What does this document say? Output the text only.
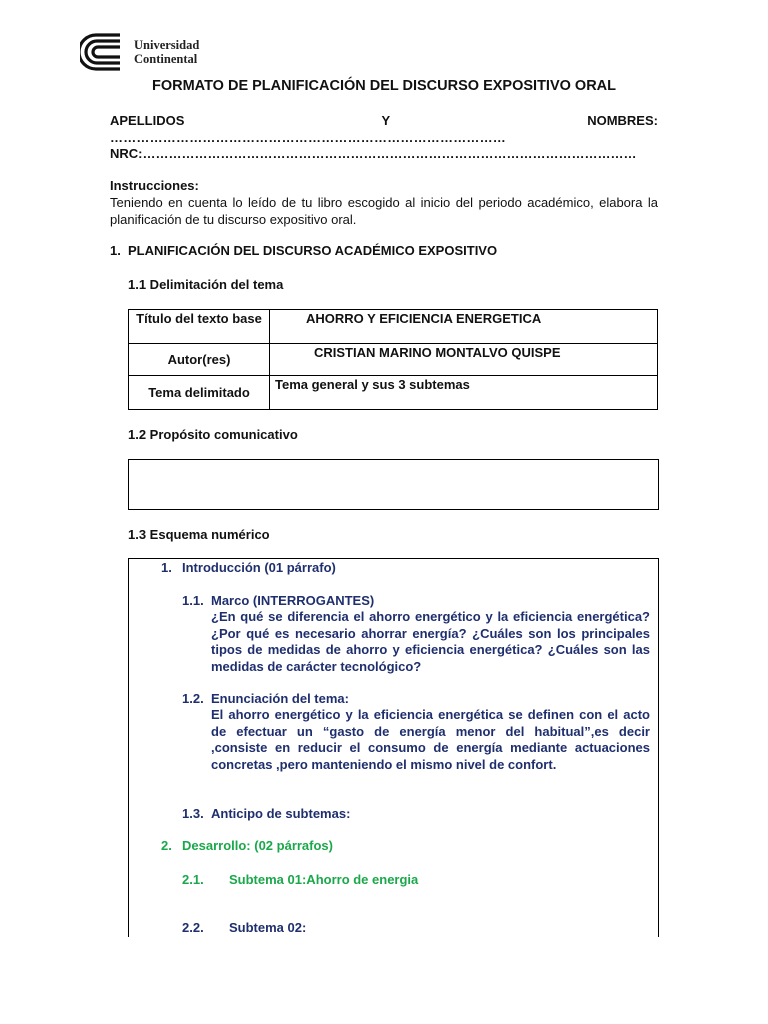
Universidad
Continental
FORMATO DE PLANIFICACIÓN DEL DISCURSO EXPOSITIVO ORAL
APELLIDOS	Y	NOMBRES:
………………………………………………………………………………
NRC:……………………………………………………………………………………………………
Instrucciones:
Teniendo en cuenta lo leído de tu libro escogido al inicio del periodo académico, elabora la planificación de tu discurso expositivo oral.
1. PLANIFICACIÓN DEL DISCURSO ACADÉMICO EXPOSITIVO
1.1 Delimitación del tema
Título del texto base	AHORRO Y EFICIENCIA ENERGETICA
Autor(res)	CRISTIAN MARINO MONTALVO QUISPE
Tema delimitado	Tema general y sus 3 subtemas
1.2 Propósito comunicativo
1.3 Esquema numérico
1. Introducción (01 párrafo)
1.1. Marco (INTERROGANTES)
¿En qué se diferencia el ahorro energético y la eficiencia energética? ¿Por qué es necesario ahorrar energía? ¿Cuáles son los principales tipos de medidas de ahorro y eficiencia energética? ¿Cuáles son las medidas de carácter tecnológico?
1.2. Enunciación del tema:
El ahorro energético y la eficiencia energética se definen con el acto de efectuar un “gasto de energía menor del habitual”,es decir ,consiste en reducir el consumo de energía mediante actuaciones concretas ,pero manteniendo el mismo nivel de confort.
1.3. Anticipo de subtemas:
2. Desarrollo: (02 párrafos)
2.1. Subtema 01:Ahorro de energia
2.2. Subtema 02:
